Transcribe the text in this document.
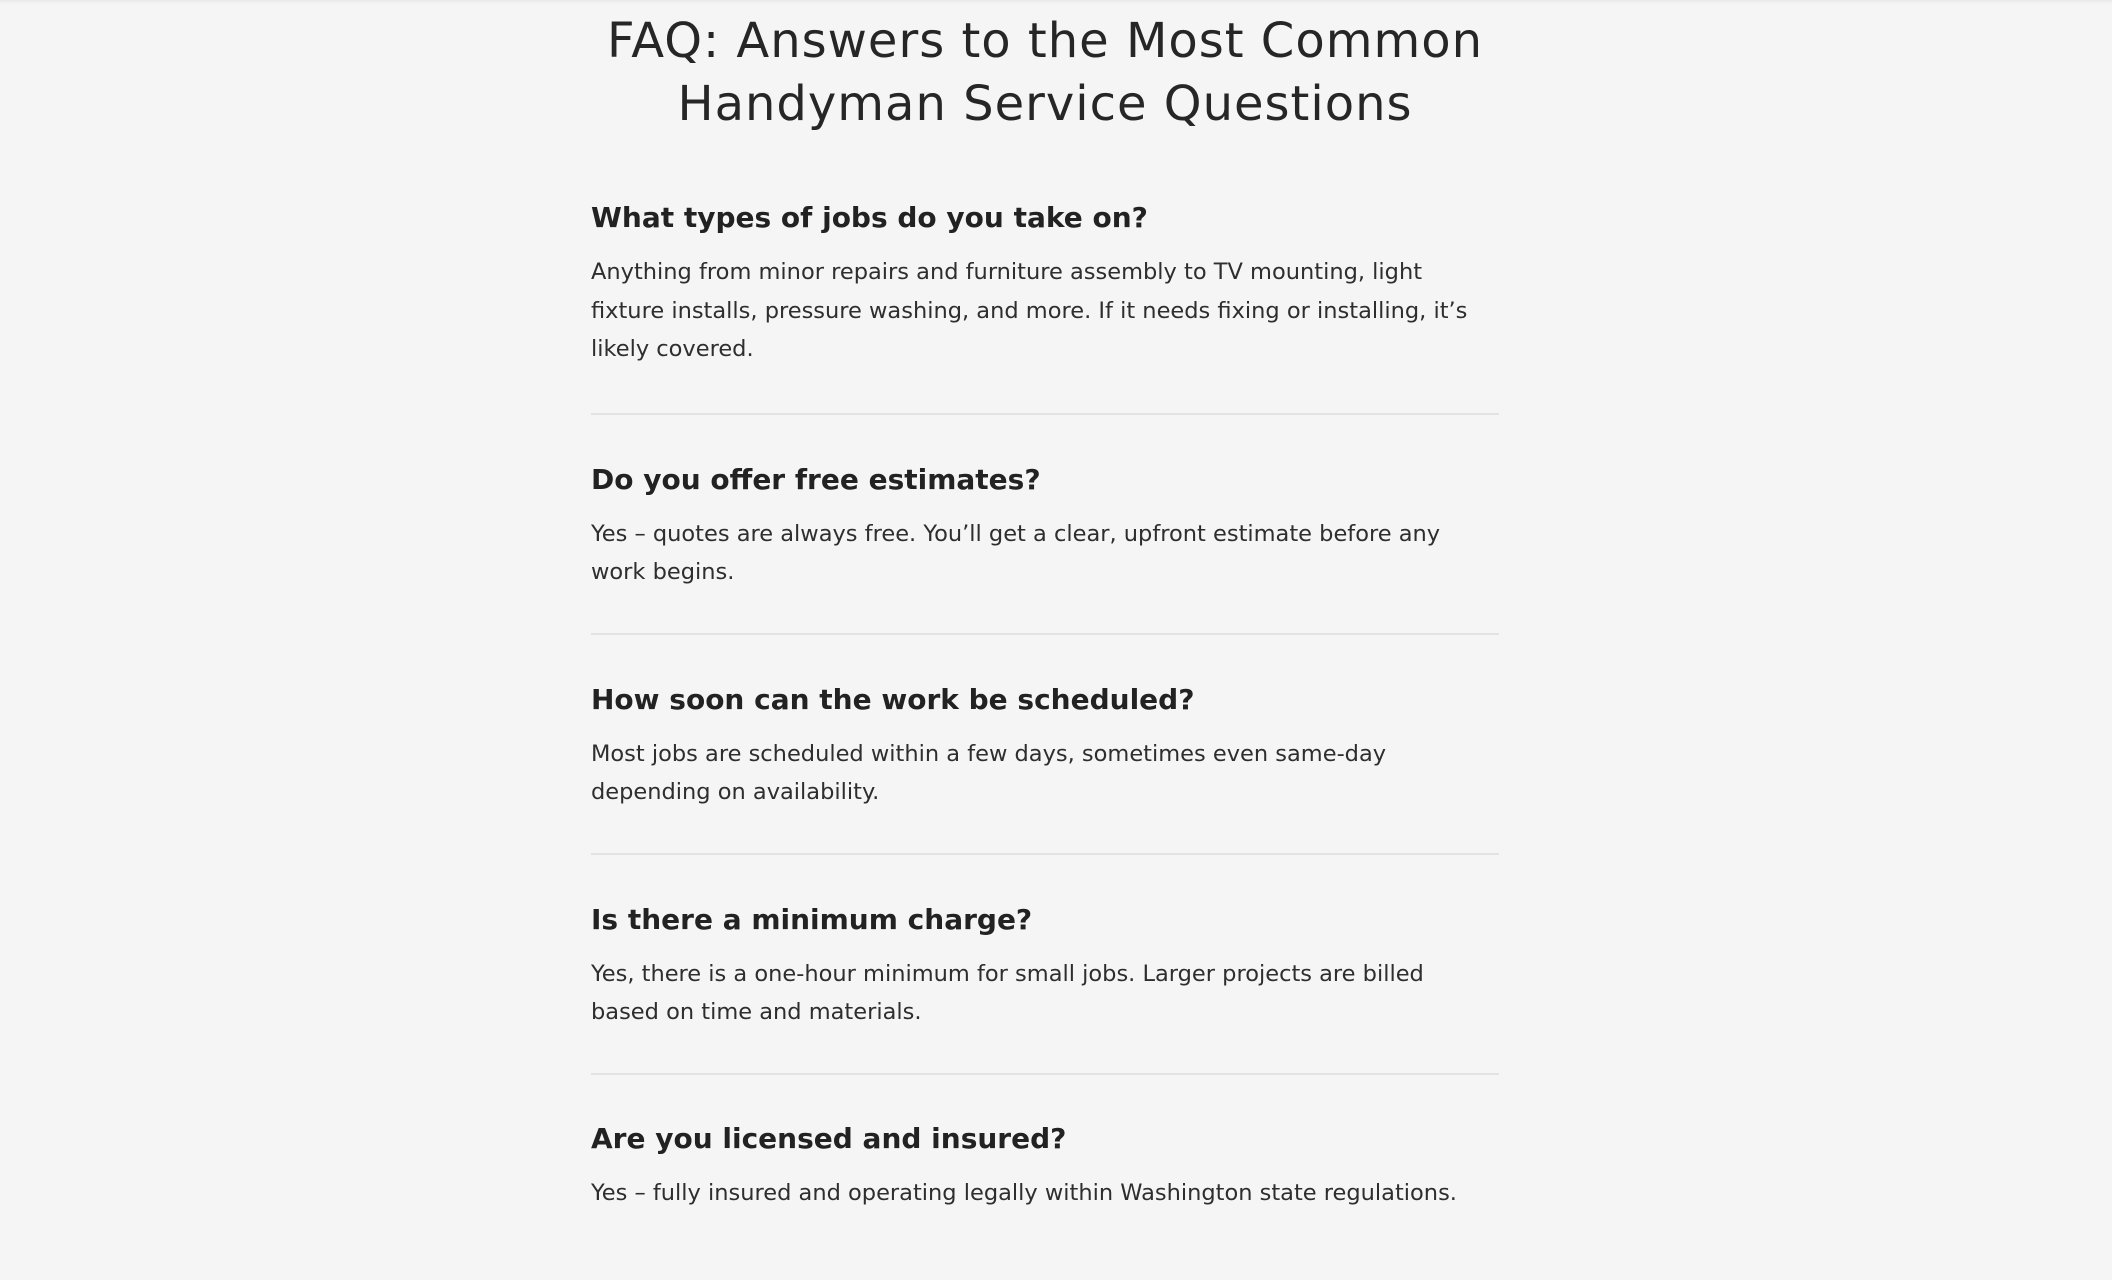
FAQ: Answers to the Most Common Handyman Service Questions
What types of jobs do you take on?

Anything from minor repairs and furniture assembly to TV mounting, light fixture installs, pressure washing, and more. If it needs fixing or installing, it’s likely covered.

Do you offer free estimates?

Yes – quotes are always free. You’ll get a clear, upfront estimate before any work begins.

How soon can the work be scheduled?

Most jobs are scheduled within a few days, sometimes even same-day depending on availability.

Is there a minimum charge?

Yes, there is a one-hour minimum for small jobs. Larger projects are billed based on time and materials.

Are you licensed and insured?

Yes – fully insured and operating legally within Washington state regulations.
